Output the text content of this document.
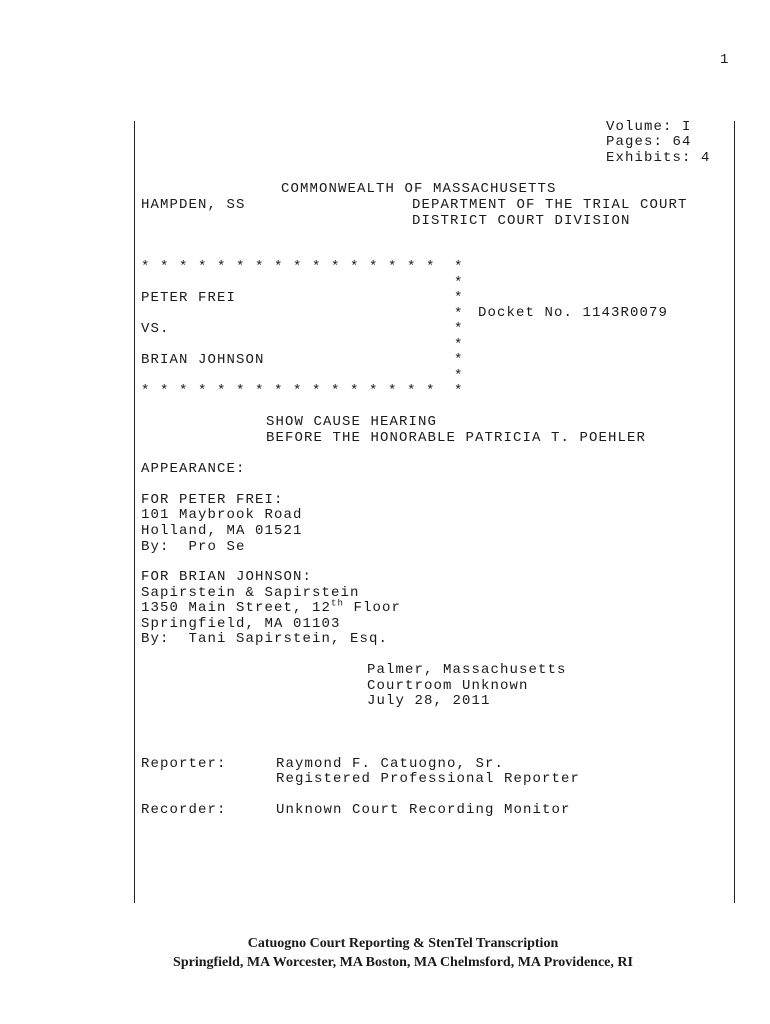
1
Volume: I
Pages: 64
Exhibits: 4
COMMONWEALTH OF MASSACHUSETTS
HAMPDEN, SS	DEPARTMENT OF THE TRIAL COURT
DISTRICT COURT DIVISION
* * * * * * * * * * * * * * * * *
*
*
*
*
*
*
*
*
PETER FREI
Docket No. 1143R0079
VS.
BRIAN JOHNSON
* * * * * * * * * * * * * * * *
SHOW CAUSE HEARING
BEFORE THE HONORABLE PATRICIA T. POEHLER
APPEARANCE:
FOR PETER FREI:
101 Maybrook Road
Holland, MA 01521
By:  Pro Se
FOR BRIAN JOHNSON:
Sapirstein & Sapirstein
1350 Main Street, 12th Floor
Springfield, MA 01103
By:  Tani Sapirstein, Esq.
Palmer, Massachusetts
Courtroom Unknown
July 28, 2011
Reporter:	Raymond F. Catuogno, Sr.
Registered Professional Reporter
Recorder:	Unknown Court Recording Monitor
Catuogno Court Reporting & StenTel Transcription
Springfield, MA Worcester, MA Boston, MA Chelmsford, MA Providence, RI
